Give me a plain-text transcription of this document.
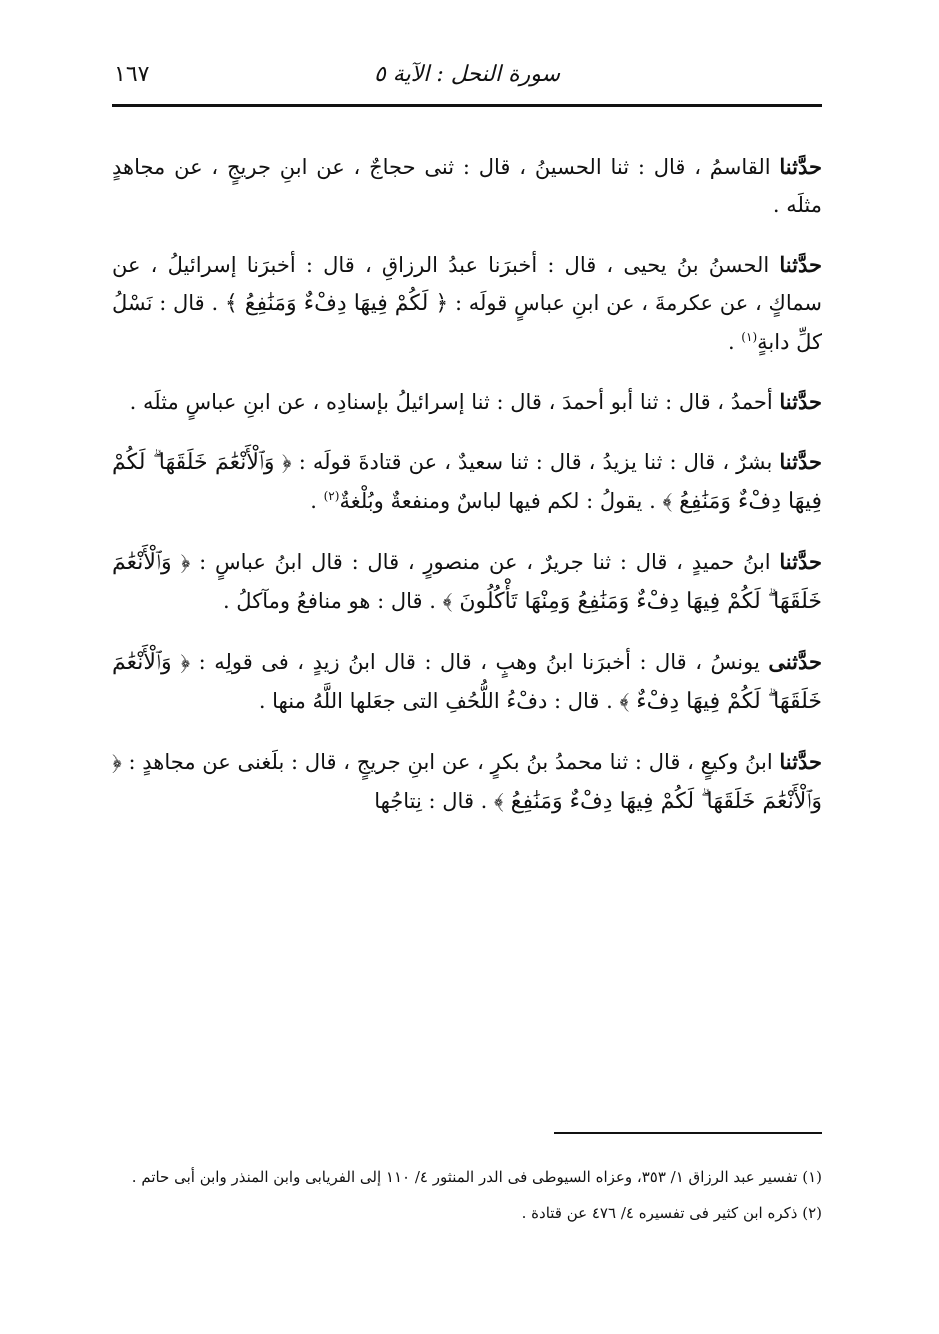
١٦٧	سورة النحل : الآية ٥

حدَّثنا القاسمُ ، قال : ثنا الحسينُ ، قال : ثنى حجاجٌ ، عن ابنِ جريجٍ ، عن مجاهدٍ مثلَه .

حدَّثنا الحسنُ بنُ يحيى ، قال : أخبرَنا عبدُ الرزاقِ ، قال : أخبرَنا إسرائيلُ ، عن سماكٍ ، عن عكرمةَ ، عن ابنِ عباسٍ قولَه : ﴿ لَكُمْ فِيهَا دِفْءٌ وَمَنَٰفِعُ ﴾ . قال : نَسْلُ كلِّ دابةٍ$^{(١)}$ .

حدَّثنا أحمدُ ، قال : ثنا أبو أحمدَ ، قال : ثنا إسرائيلُ بإسنادِه ، عن ابنِ عباسٍ مثلَه .

حدَّثنا بشرٌ ، قال : ثنا يزيدُ ، قال : ثنا سعيدٌ ، عن قتادةَ قولَه : ﴿ وَٱلْأَنْعَٰمَ خَلَقَهَا ۗ لَكُمْ فِيهَا دِفْءٌ وَمَنَٰفِعُ ﴾ . يقولُ : لكم فيها لباسٌ ومنفعةٌ وبُلْغةٌ$^{(٢)}$ .

حدَّثنا ابنُ حميدٍ ، قال : ثنا جريرٌ ، عن منصورٍ ، قال : قال ابنُ عباسٍ : ﴿ وَٱلْأَنْعَٰمَ خَلَقَهَا ۗ لَكُمْ فِيهَا دِفْءٌ وَمَنَٰفِعُ وَمِنْهَا تَأْكُلُونَ ﴾ . قال : هو منافعُ ومآكلُ .

حدَّثنى يونسُ ، قال : أخبرَنا ابنُ وهبٍ ، قال : قال ابنُ زيدٍ ، فى قولِه : ﴿ وَٱلْأَنْعَٰمَ خَلَقَهَا ۗ لَكُمْ فِيهَا دِفْءٌ ﴾ . قال : دفْءُ اللُّحُفِ التى جعَلها اللَّهُ منها .

حدَّثنا ابنُ وكيعٍ ، قال : ثنا محمدُ بنُ بكرٍ ، عن ابنِ جريجٍ ، قال : بلَغنى عن مجاهدٍ : ﴿ وَٱلْأَنْعَٰمَ خَلَقَهَا ۗ لَكُمْ فِيهَا دِفْءٌ وَمَنَٰفِعُ ﴾ . قال : نِتاجُها

(١) تفسير عبد الرزاق ١/ ٣٥٣، وعزاه السيوطى فى الدر المنثور ٤/ ١١٠ إلى الفريابى وابن المنذر وابن أبى حاتم .

(٢) ذكره ابن كثير فى تفسيره ٤/ ٤٧٦ عن قتادة .
